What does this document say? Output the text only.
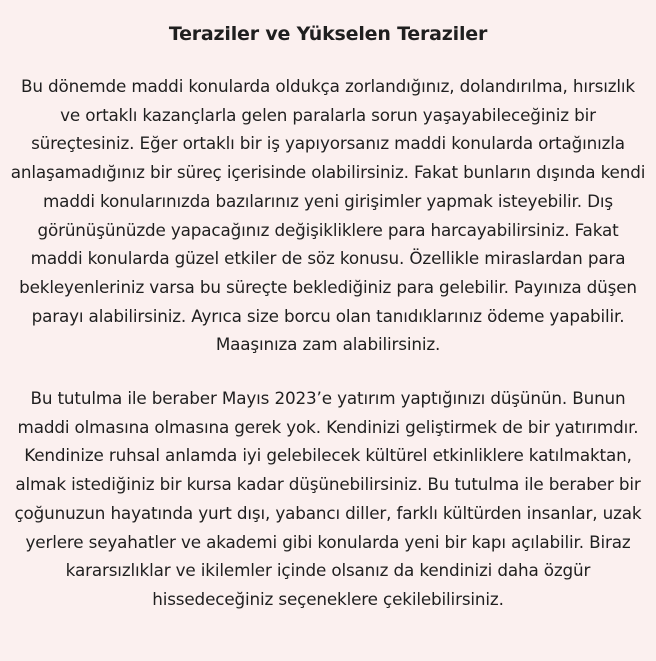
Teraziler ve Yükselen Teraziler

Bu dönemde maddi konularda oldukça zorlandığınız, dolandırılma, hırsızlık ve ortaklı kazançlarla gelen paralarla sorun yaşayabileceğiniz bir süreçtesiniz. Eğer ortaklı bir iş yapıyorsanız maddi konularda ortağınızla anlaşamadığınız bir süreç içerisinde olabilirsiniz. Fakat bunların dışında kendi maddi konularınızda bazılarınız yeni girişimler yapmak isteyebilir. Dış görünüşünüzde yapacağınız değişikliklere para harcayabilirsiniz. Fakat maddi konularda güzel etkiler de söz konusu. Özellikle miraslardan para bekleyenleriniz varsa bu süreçte beklediğiniz para gelebilir. Payınıza düşen parayı alabilirsiniz. Ayrıca size borcu olan tanıdıklarınız ödeme yapabilir. Maaşınıza zam alabilirsiniz.

Bu tutulma ile beraber Mayıs 2023’e yatırım yaptığınızı düşünün. Bunun maddi olmasına olmasına gerek yok. Kendinizi geliştirmek de bir yatırımdır. Kendinize ruhsal anlamda iyi gelebilecek kültürel etkinliklere katılmaktan, almak istediğiniz bir kursa kadar düşünebilirsiniz. Bu tutulma ile beraber bir çoğunuzun hayatında yurt dışı, yabancı diller, farklı kültürden insanlar, uzak yerlere seyahatler ve akademi gibi konularda yeni bir kapı açılabilir. Biraz kararsızlıklar ve ikilemler içinde olsanız da kendinizi daha özgür hissedeceğiniz seçeneklere çekilebilirsiniz.
